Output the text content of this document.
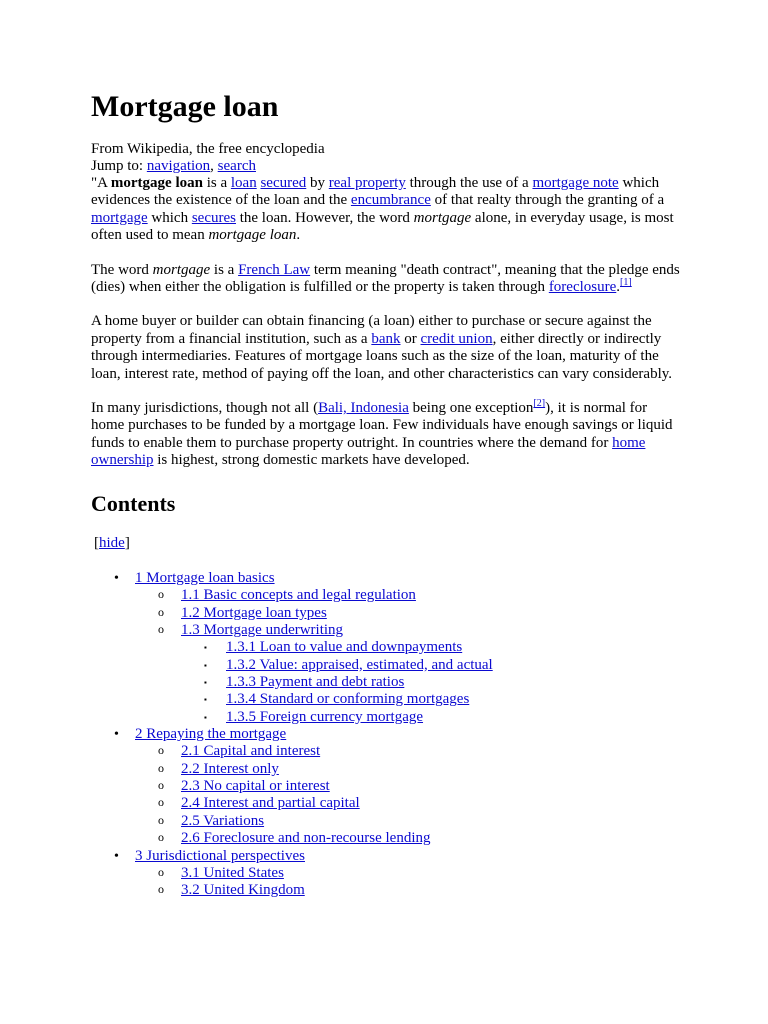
Mortgage loan
From Wikipedia, the free encyclopedia
Jump to: navigation, search

"A mortgage loan is a loan secured by real property through the use of a mortgage note which evidences the existence of the loan and the encumbrance of that realty through the granting of a mortgage which secures the loan. However, the word mortgage alone, in everyday usage, is most often used to mean mortgage loan.

The word mortgage is a French Law term meaning "death contract", meaning that the pledge ends (dies) when either the obligation is fulfilled or the property is taken through foreclosure.[1]

A home buyer or builder can obtain financing (a loan) either to purchase or secure against the property from a financial institution, such as a bank or credit union, either directly or indirectly through intermediaries. Features of mortgage loans such as the size of the loan, maturity of the loan, interest rate, method of paying off the loan, and other characteristics can vary considerably.

In many jurisdictions, though not all (Bali, Indonesia being one exception[2]), it is normal for home purchases to be funded by a mortgage loan. Few individuals have enough savings or liquid funds to enable them to purchase property outright. In countries where the demand for home ownership is highest, strong domestic markets have developed.

Contents
[hide]
• 1 Mortgage loan basics
o 1.1 Basic concepts and legal regulation
o 1.2 Mortgage loan types
o 1.3 Mortgage underwriting
▪ 1.3.1 Loan to value and downpayments
▪ 1.3.2 Value: appraised, estimated, and actual
▪ 1.3.3 Payment and debt ratios
▪ 1.3.4 Standard or conforming mortgages
▪ 1.3.5 Foreign currency mortgage
• 2 Repaying the mortgage
o 2.1 Capital and interest
o 2.2 Interest only
o 2.3 No capital or interest
o 2.4 Interest and partial capital
o 2.5 Variations
o 2.6 Foreclosure and non-recourse lending
• 3 Jurisdictional perspectives
o 3.1 United States
o 3.2 United Kingdom
